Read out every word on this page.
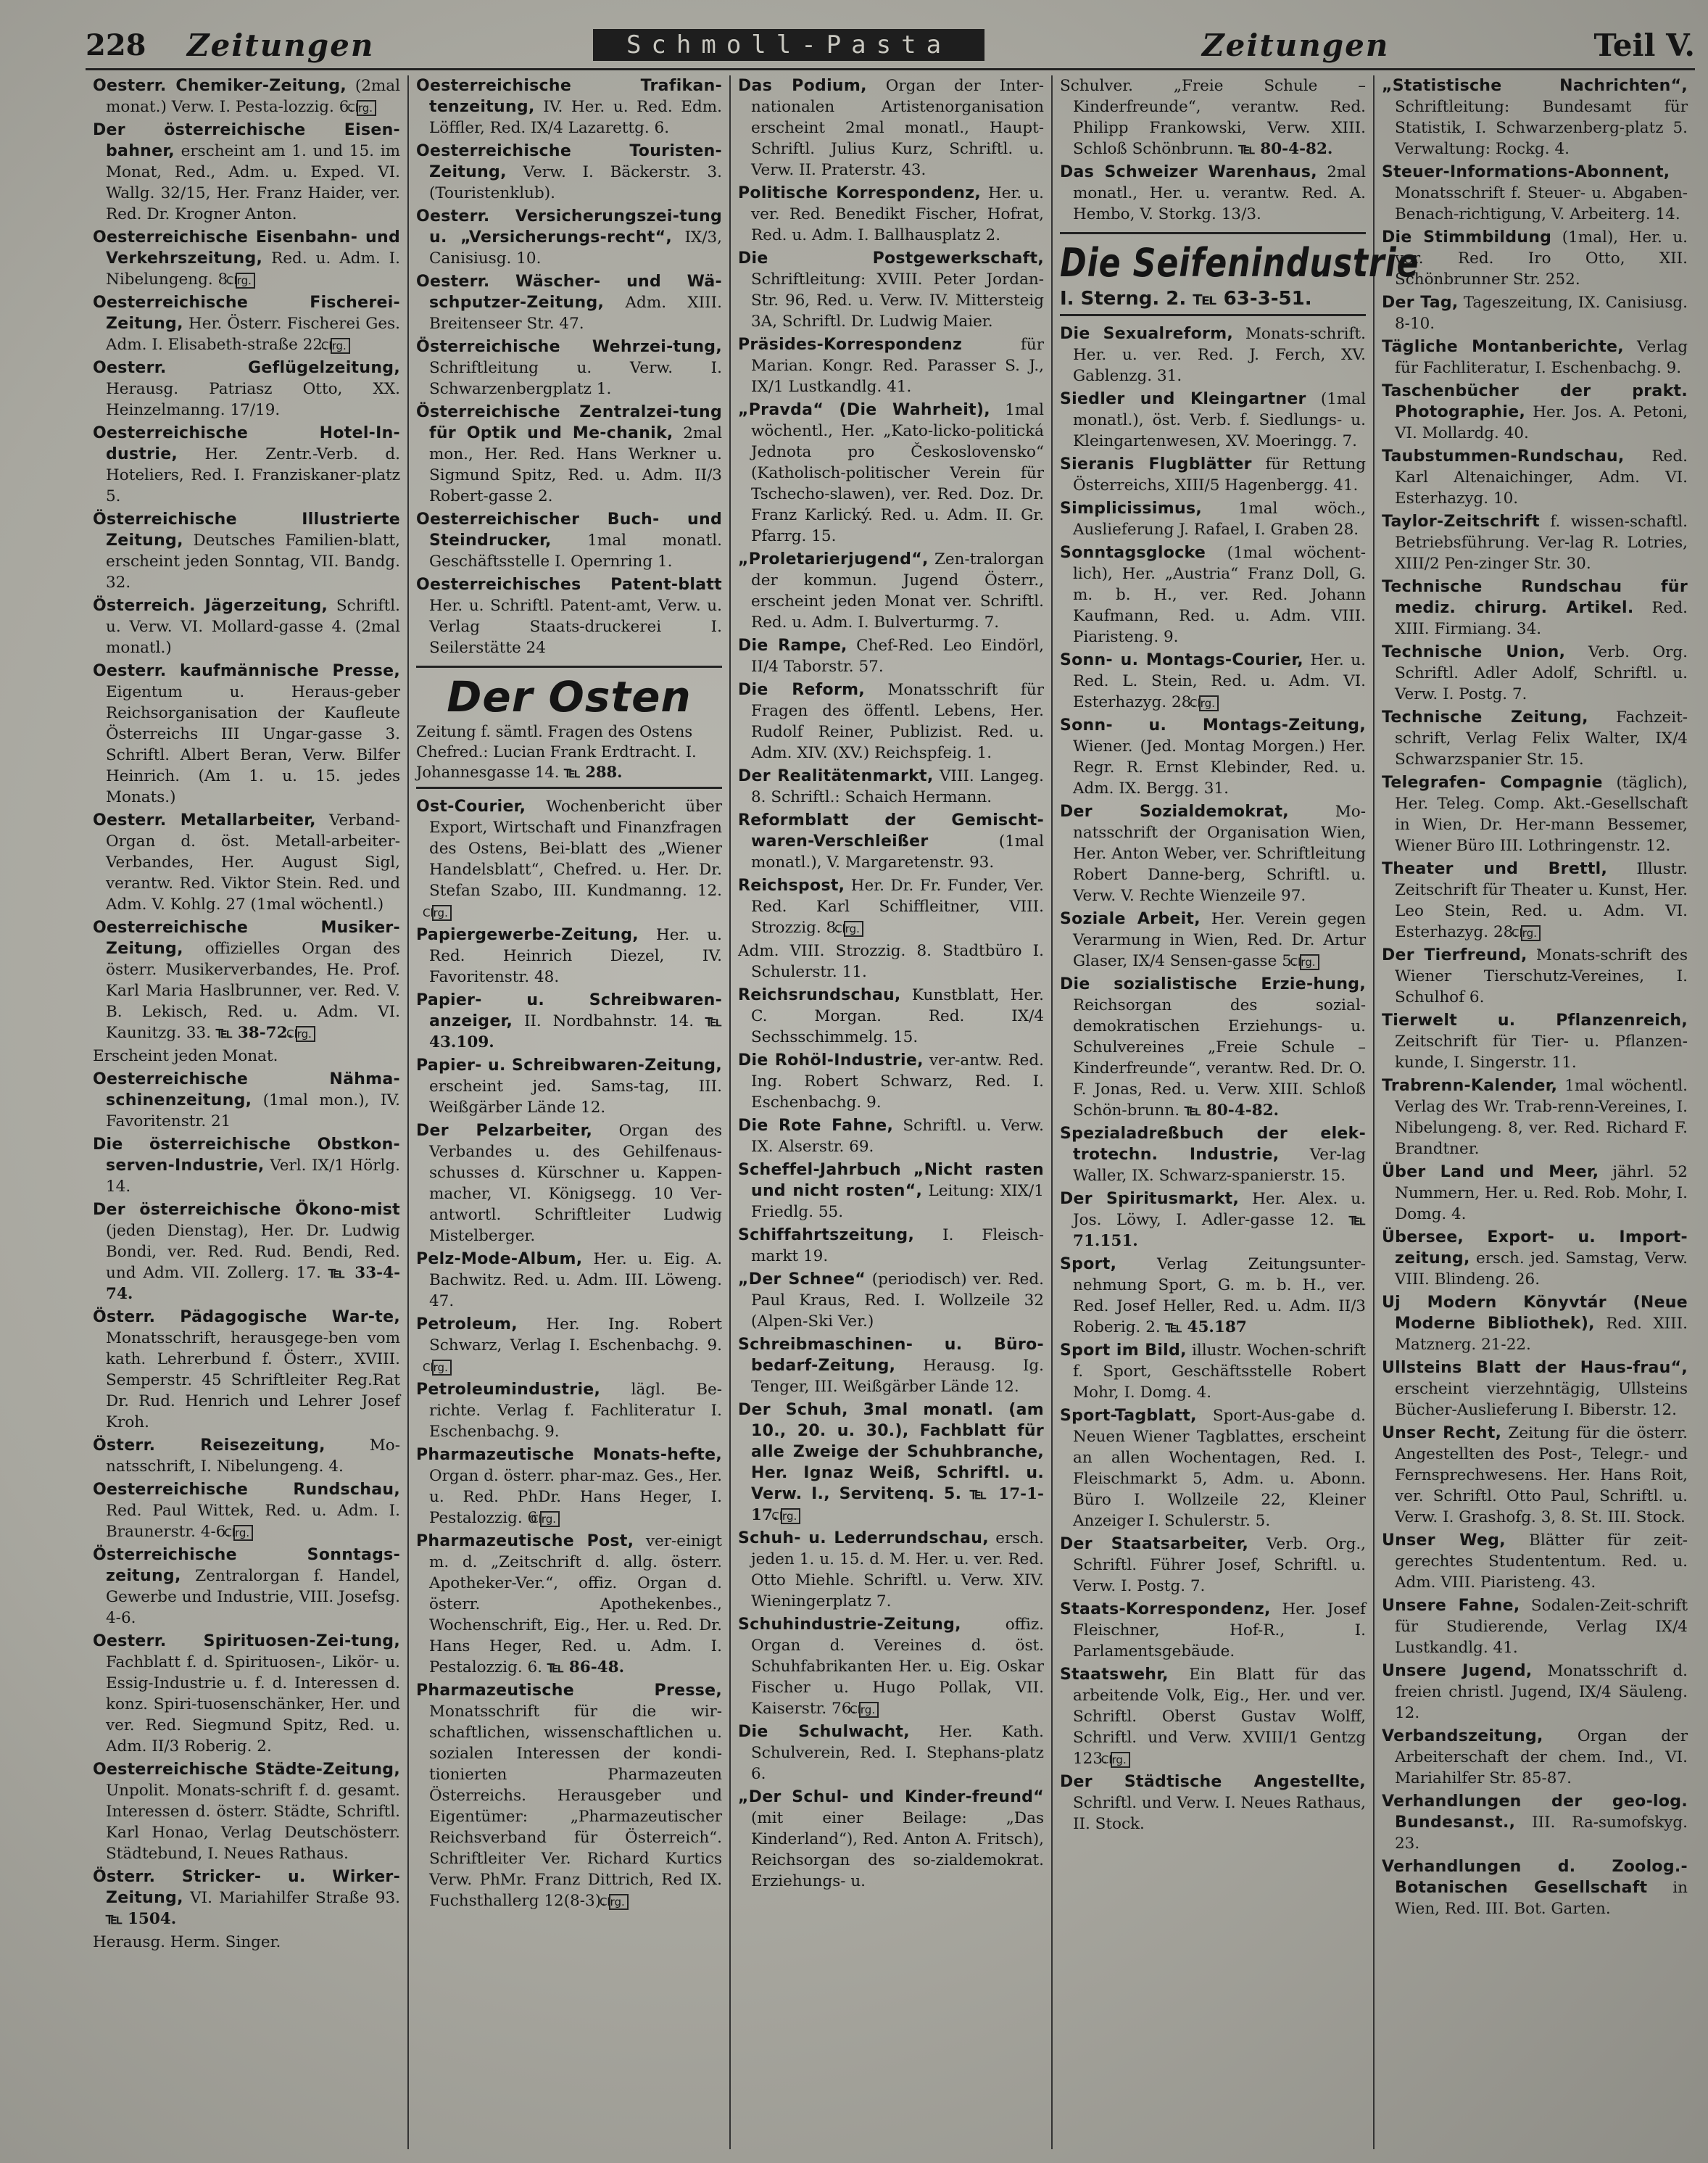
228	Zeitungen	Schmoll-Pasta	Zeitungen	Teil V.
Oesterr. Chemiker-Zeitung, (2mal monat.) Verw. I. Pesta-lozzig. 6.Clrg.
Der österreichische Eisen-bahner, erscheint am 1. und 15. im Monat, Red., Adm. u. Exped. VI. Wallg. 32/15, Her. Franz Haider, ver. Red. Dr. Krogner Anton.
Oesterreichische Eisenbahn- und Verkehrszeitung, Red. u. Adm. I. Nibelungeng. 8.Clrg.
Oesterreichische Fischerei-Zeitung, Her. Österr. Fischerei Ges. Adm. I. Elisabeth-straße 22.Clrg.
Oesterr. Geflügelzeitung, Herausg. Patriasz Otto, XX. Heinzelmanng. 17/19.
Oesterreichische Hotel-In-dustrie, Her. Zentr.-Verb. d. Hoteliers, Red. I. Franziskaner-platz 5.
Österreichische Illustrierte Zeitung, Deutsches Familien-blatt, erscheint jeden Sonntag, VII. Bandg. 32.
Österreich. Jägerzeitung, Schriftl. u. Verw. VI. Mollard-gasse 4. (2mal monatl.)
Oesterr. kaufmännische Presse, Eigentum u. Heraus-geber Reichsorganisation der Kaufleute Österreichs III Ungar-gasse 3. Schriftl. Albert Beran, Verw. Bilfer Heinrich. (Am 1. u. 15. jedes Monats.)
Oesterr. Metallarbeiter, Verband-Organ d. öst. Metall-arbeiter-Verbandes, Her. August Sigl, verantw. Red. Viktor Stein. Red. und Adm. V. Kohlg. 27 (1mal wöchentl.)
Oesterreichische Musiker-Zeitung, offizielles Organ des österr. Musikerverbandes, He. Prof. Karl Maria Haslbrunner, ver. Red. V. B. Lekisch, Red. u. Adm. VI. Kaunitzg. 33. ℡ 38-72.Clrg.
Erscheint jeden Monat.
Oesterreichische Nähma-schinenzeitung, (1mal mon.), IV. Favoritenstr. 21
Die österreichische Obstkon-serven-Industrie, Verl. IX/1 Hörlg. 14.
Der österreichische Ökono-mist (jeden Dienstag), Her. Dr. Ludwig Bondi, ver. Red. Rud. Bendi, Red. und Adm. VII. Zollerg. 17. ℡ 33-4-74.
Österr. Pädagogische War-te, Monatsschrift, herausgege-ben vom kath. Lehrerbund f. Österr., XVIII. Semperstr. 45 Schriftleiter Reg.Rat Dr. Rud. Henrich und Lehrer Josef Kroh.
Österr. Reisezeitung,	Mo-natsschrift, I. Nibelungeng. 4.
Oesterreichische Rundschau, Red. Paul Wittek, Red. u. Adm. I. Braunerstr. 4-6.Clrg.
Österreichische Sonntags-zeitung, Zentralorgan f. Handel, Gewerbe und Industrie, VIII. Josefsg. 4-6.
Oesterr. Spirituosen-Zei-tung, Fachblatt f. d. Spirituosen-, Likör- u. Essig-Industrie u. f. d. Interessen d. konz. Spiri-tuosenschänker, Her. und ver. Red. Siegmund Spitz, Red. u. Adm. II/3 Roberig. 2.
Oesterreichische Städte-Zeitung, Unpolit. Monats-schrift f. d. gesamt. Interessen d. österr. Städte, Schriftl. Karl Honao, Verlag Deutschösterr. Städtebund, I. Neues Rathaus.
Österr. Stricker- u. Wirker-Zeitung, VI. Mariahilfer Straße 93. ℡ 1504.
Herausg. Herm. Singer.
Oesterreichische Trafikan-tenzeitung, IV. Her. u. Red. Edm. Löffler, Red. IX/4 Lazarettg. 6.
Oesterreichische Touristen-Zeitung, Verw. I. Bäckerstr. 3. (Touristenklub).
Oesterr. Versicherungszei-tung u. „Versicherungs-recht“, IX/3, Canisiusg. 10.
Oesterr. Wäscher- und Wä-schputzer-Zeitung, Adm. XIII. Breitenseer Str. 47.
Österreichische Wehrzei-tung, Schriftleitung u. Verw. I. Schwarzenbergplatz 1.
Österreichische Zentralzei-tung für Optik und Me-chanik, 2mal mon., Her. Red. Hans Werkner u. Sigmund Spitz, Red. u. Adm. II/3 Robert-gasse 2.
Oesterreichischer Buch- und Steindrucker, 1mal monatl. Geschäftsstelle I. Opernring 1.
Oesterreichisches Patent-blatt Her. u. Schriftl. Patent-amt, Verw. u. Verlag Staats-druckerei I. Seilerstätte 24
Der Osten
Zeitung f. sämtl. Fragen des Ostens Chefred.: Lucian Frank Erdtracht. I. Johannesgasse 14. ℡ 288.
Ost-Courier, Wochenbericht über Export, Wirtschaft und Finanzfragen des Ostens, Bei-blatt des „Wiener Handelsblatt“, Chefred. u. Her. Dr. Stefan Szabo, III. Kundmanng. 12.Clrg.
Papiergewerbe-Zeitung, Her. u. Red. Heinrich Diezel, IV. Favoritenstr. 48.
Papier- u. Schreibwaren-anzeiger, II. Nordbahnstr. 14. ℡ 43.109.
Papier- u. Schreibwaren-Zeitung, erscheint jed. Sams-tag, III. Weißgärber Lände 12.
Der Pelzarbeiter, Organ des Verbandes u. des Gehilfenaus-schusses d. Kürschner u. Kappen-macher, VI. Königsegg. 10 Ver-antwortl. Schriftleiter Ludwig Mistelberger.
Pelz-Mode-Album, Her. u. Eig. A. Bachwitz. Red. u. Adm. III. Löweng. 47.
Petroleum, Her. Ing. Robert Schwarz, Verlag I. Eschenbachg. 9.Clrg.
Petroleumindustrie, lägl. Be-richte. Verlag f. Fachliteratur I. Eschenbachg. 9.
Pharmazeutische Monats-hefte, Organ d. österr. phar-maz. Ges., Her. u. Red. PhDr. Hans Heger, I. Pestalozzig. 6Clrg.
Pharmazeutische Post, ver-einigt m. d. „Zeitschrift d. allg. österr. Apotheker-Ver.“, offiz. Organ d. österr. Apothekenbes., Wochenschrift, Eig., Her. u. Red. Dr. Hans Heger, Red. u. Adm. I. Pestalozzig. 6. ℡ 86-48.
Pharmazeutische Presse, Monatsschrift für die wir-schaftlichen, wissenschaftlichen u. sozialen Interessen der kondi-tionierten Pharmazeuten Österreichs. Herausgeber und Eigentümer: „Pharmazeutischer Reichsverband für Österreich“. Schriftleiter Ver. Richard Kurtics Verw. PhMr. Franz Dittrich, Red IX. Fuchsthallerg 12(8-3).Clrg.
Das Podium, Organ der Inter-nationalen Artistenorganisation erscheint 2mal monatl., Haupt-Schriftl. Julius Kurz, Schriftl. u. Verw. II. Praterstr. 43.
Politische Korrespondenz, Her. u. ver. Red. Benedikt Fischer, Hofrat, Red. u. Adm. I. Ballhausplatz 2.
Die Postgewerkschaft, Schriftleitung: XVIII. Peter Jordan-Str. 96, Red. u. Verw. IV. Mittersteig 3A, Schriftl. Dr. Ludwig Maier.
Präsides-Korrespondenz	für Marian. Kongr. Red. Parasser S. J., IX/1 Lustkandlg. 41.
„Pravda“ (Die Wahrheit), 1mal wöchentl., Her. „Kato-licko-politická Jednota pro Československo“ (Katholisch-politischer Verein für Tschecho-slawen), ver. Red. Doz. Dr. Franz Karlický. Red. u. Adm. II. Gr. Pfarrg. 15.
„Proletarierjugend“, Zen-tralorgan der kommun. Jugend Österr., erscheint jeden Monat ver. Schriftl. Red. u. Adm. I. Bulverturmg. 7.
Die Rampe, Chef-Red. Leo Eindörl, II/4 Taborstr. 57.
Die Reform, Monatsschrift für Fragen des öffentl. Lebens, Her. Rudolf Reiner, Publizist. Red. u. Adm. XIV. (XV.) Reichspfeig. 1.
Der Realitätenmarkt, VIII. Langeg. 8. Schriftl.: Schaich Hermann.
Reformblatt der Gemischt-waren-Verschleißer	(1mal monatl.), V. Margaretenstr. 93.
Reichspost, Her. Dr. Fr. Funder, Ver. Red. Karl Schiffleitner, VIII. Strozzig. 8.Clrg.
Adm. VIII. Strozzig. 8. Stadtbüro I. Schulerstr. 11.
Reichsrundschau, Kunstblatt, Her. C. Morgan. Red. IX/4 Sechsschimmelg. 15.
Die Rohöl-Industrie, ver-antw. Red. Ing. Robert Schwarz, Red. I. Eschenbachg. 9.
Die Rote Fahne, Schriftl. u. Verw. IX. Alserstr. 69.
Scheffel-Jahrbuch „Nicht rasten und nicht rosten“, Leitung: XIX/1 Friedlg. 55.
Schiffahrtszeitung, I. Fleisch-markt 19.
„Der Schnee“ (periodisch) ver. Red. Paul Kraus, Red. I. Wollzeile 32 (Alpen-Ski Ver.)
Schreibmaschinen- u. Büro-bedarf-Zeitung, Herausg. Ig. Tenger, III. Weißgärber Lände 12.
Der Schuh, 3mal monatl. (am 10., 20. u. 30.), Fachblatt für alle Zweige der Schuhbranche, Her. Ignaz Weiß, Schriftl. u. Verw. I., Servitenq. 5. ℡ 17-1-17.Clrg.
Schuh- u. Lederrundschau, ersch. jeden 1. u. 15. d. M. Her. u. ver. Red. Otto Miehle. Schriftl. u. Verw. XIV. Wieningerplatz 7.
Schuhindustrie-Zeitung,	offiz. Organ d. Vereines d. öst. Schuhfabrikanten Her. u. Eig. Oskar Fischer u. Hugo Pollak, VII. Kaiserstr. 76.Clrg.
Die Schulwacht, Her. Kath. Schulverein, Red. I. Stephans-platz 6.
„Der Schul- und Kinder-freund“ (mit einer Beilage: „Das Kinderland“), Red. Anton A. Fritsch), Reichsorgan des so-zialdemokrat. Erziehungs- u.
Schulver. „Freie Schule – Kinderfreunde“, verantw. Red. Philipp Frankowski, Verw. XIII. Schloß Schönbrunn. ℡ 80-4-82.
Das Schweizer Warenhaus, 2mal monatl., Her. u. verantw. Red. A. Hembo, V. Storkg. 13/3.
Die Seifenindustrie
I. Sterng. 2. ℡ 63-3-51.
Die Sexualreform, Monats-schrift. Her. u. ver. Red. J. Ferch, XV. Gablenzg. 31.
Siedler und Kleingartner (1mal monatl.), öst. Verb. f. Siedlungs- u. Kleingartenwesen, XV. Moeringg. 7.
Sieranis Flugblätter für Rettung Österreichs, XIII/5 Hagenbergg. 41.
Simplicissimus, 1mal wöch., Auslieferung J. Rafael, I. Graben 28.
Sonntagsglocke (1mal wöchent-lich), Her. „Austria“ Franz Doll, G. m. b. H., ver. Red. Johann Kaufmann, Red. u. Adm. VIII. Piaristeng. 9.
Sonn- u. Montags-Courier, Her. u. Red. L. Stein, Red. u. Adm. VI. Esterhazyg. 28.Clrg.
Sonn- u. Montags-Zeitung, Wiener. (Jed. Montag Morgen.) Her. Regr. R. Ernst Klebinder, Red. u. Adm. IX. Bergg. 31.
Der Sozialdemokrat,	Mo-natsschrift der Organisation Wien, Her. Anton Weber, ver. Schriftleitung Robert Danne-berg, Schriftl. u. Verw. V. Rechte Wienzeile 97.
Soziale Arbeit, Her. Verein gegen Verarmung in Wien, Red. Dr. Artur Glaser, IX/4 Sensen-gasse 5.Clrg.
Die sozialistische Erzie-hung, Reichsorgan des sozial-demokratischen Erziehungs- u. Schulvereines „Freie Schule – Kinderfreunde“, verantw. Red. Dr. O. F. Jonas, Red. u. Verw. XIII. Schloß Schön-brunn. ℡ 80-4-82.
Spezialadreßbuch der elek-trotechn. Industrie, Ver-lag Waller, IX. Schwarz-spanierstr. 15.
Der Spiritusmarkt, Her. Alex. u. Jos. Löwy, I. Adler-gasse 12. ℡ 71.151.
Sport,	Verlag Zeitungsunter-nehmung Sport, G. m. b. H., ver. Red. Josef Heller, Red. u. Adm. II/3 Roberig. 2. ℡ 45.187
Sport im Bild, illustr. Wochen-schrift f. Sport, Geschäftsstelle Robert Mohr, I. Domg. 4.
Sport-Tagblatt, Sport-Aus-gabe d. Neuen Wiener Tagblattes, erscheint an allen Wochentagen, Red. I. Fleischmarkt 5, Adm. u. Abonn. Büro I. Wollzeile 22, Kleiner Anzeiger I. Schulerstr. 5.
Der Staatsarbeiter, Verb. Org., Schriftl. Führer Josef, Schriftl. u. Verw. I. Postg. 7.
Staats-Korrespondenz, Her. Josef Fleischner, Hof-R., I. Parlamentsgebäude.
Staatswehr, Ein Blatt für das arbeitende Volk, Eig., Her. und ver. Schriftl. Oberst Gustav Wolff, Schriftl. und Verw. XVIII/1 Gentzg 123.Clrg.
Der Städtische Angestellte, Schriftl. und Verw. I. Neues Rathaus, II. Stock.
„Statistische Nachrichten“, Schriftleitung: Bundesamt für Statistik, I. Schwarzenberg-platz 5. Verwaltung: Rockg. 4.
Steuer-Informations-Abonnent, Monatsschrift f. Steuer- u. Abgaben-Benach-richtigung, V. Arbeiterg. 14.
Die Stimmbildung (1mal), Her. u. ver. Red. Iro Otto, XII. Schönbrunner Str. 252.
Der Tag, Tageszeitung, IX. Canisiusg. 8-10.
Tägliche Montanberichte, Verlag für Fachliteratur, I. Eschenbachg. 9.
Taschenbücher der prakt. Photographie, Her. Jos. A. Petoni, VI. Mollardg. 40.
Taubstummen-Rundschau, Red. Karl Altenaichinger, Adm. VI. Esterhazyg. 10.
Taylor-Zeitschrift f. wissen-schaftl. Betriebsführung. Ver-lag R. Lotries, XIII/2 Pen-zinger Str. 30.
Technische Rundschau für mediz. chirurg. Artikel. Red. XIII. Firmiang. 34.
Technische Union, Verb. Org. Schriftl. Adler Adolf, Schriftl. u. Verw. I. Postg. 7.
Technische Zeitung, Fachzeit-schrift, Verlag Felix Walter, IX/4 Schwarzspanier Str. 15.
Telegrafen- Compagnie (täglich), Her. Teleg. Comp. Akt.-Gesellschaft in Wien, Dr. Her-mann Bessemer, Wiener Büro III. Lothringenstr. 12.
Theater und Brettl, Illustr. Zeitschrift für Theater u. Kunst, Her. Leo Stein, Red. u. Adm. VI. Esterhazyg. 28.Clrg.
Der Tierfreund, Monats-schrift des Wiener Tierschutz-Vereines, I. Schulhof 6.
Tierwelt u. Pflanzenreich, Zeitschrift für Tier- u. Pflanzen-kunde, I. Singerstr. 11.
Trabrenn-Kalender, 1mal wöchentl. Verlag des Wr. Trab-renn-Vereines, I. Nibelungeng. 8, ver. Red. Richard F. Brandtner.
Über Land und Meer, jährl. 52 Nummern, Her. u. Red. Rob. Mohr, I. Domg. 4.
Übersee, Export- u. Import-zeitung, ersch. jed. Samstag, Verw. VIII. Blindeng. 26.
Uj Modern Könyvtár (Neue Moderne Bibliothek), Red. XIII. Matznerg. 21-22.
Ullsteins Blatt der Haus-frau“, erscheint vierzehntägig, Ullsteins Bücher-Auslieferung I. Biberstr. 12.
Unser Recht, Zeitung für die österr. Angestellten des Post-, Telegr.- und Fernsprechwesens. Her. Hans Roit, ver. Schriftl. Otto Paul, Schriftl. u. Verw. I. Grashofg. 3, 8. St. III. Stock.
Unser Weg, Blätter für zeit-gerechtes Studententum. Red. u. Adm. VIII. Piaristeng. 43.
Unsere Fahne, Sodalen-Zeit-schrift für Studierende, Verlag IX/4 Lustkandlg. 41.
Unsere Jugend, Monatsschrift d. freien christl. Jugend, IX/4 Säuleng. 12.
Verbandszeitung, Organ der Arbeiterschaft der chem. Ind., VI. Mariahilfer Str. 85-87.
Verhandlungen der geo-log. Bundesanst., III. Ra-sumofskyg. 23.
Verhandlungen d. Zoolog.-Botanischen Gesellschaft in Wien, Red. III. Bot. Garten.
